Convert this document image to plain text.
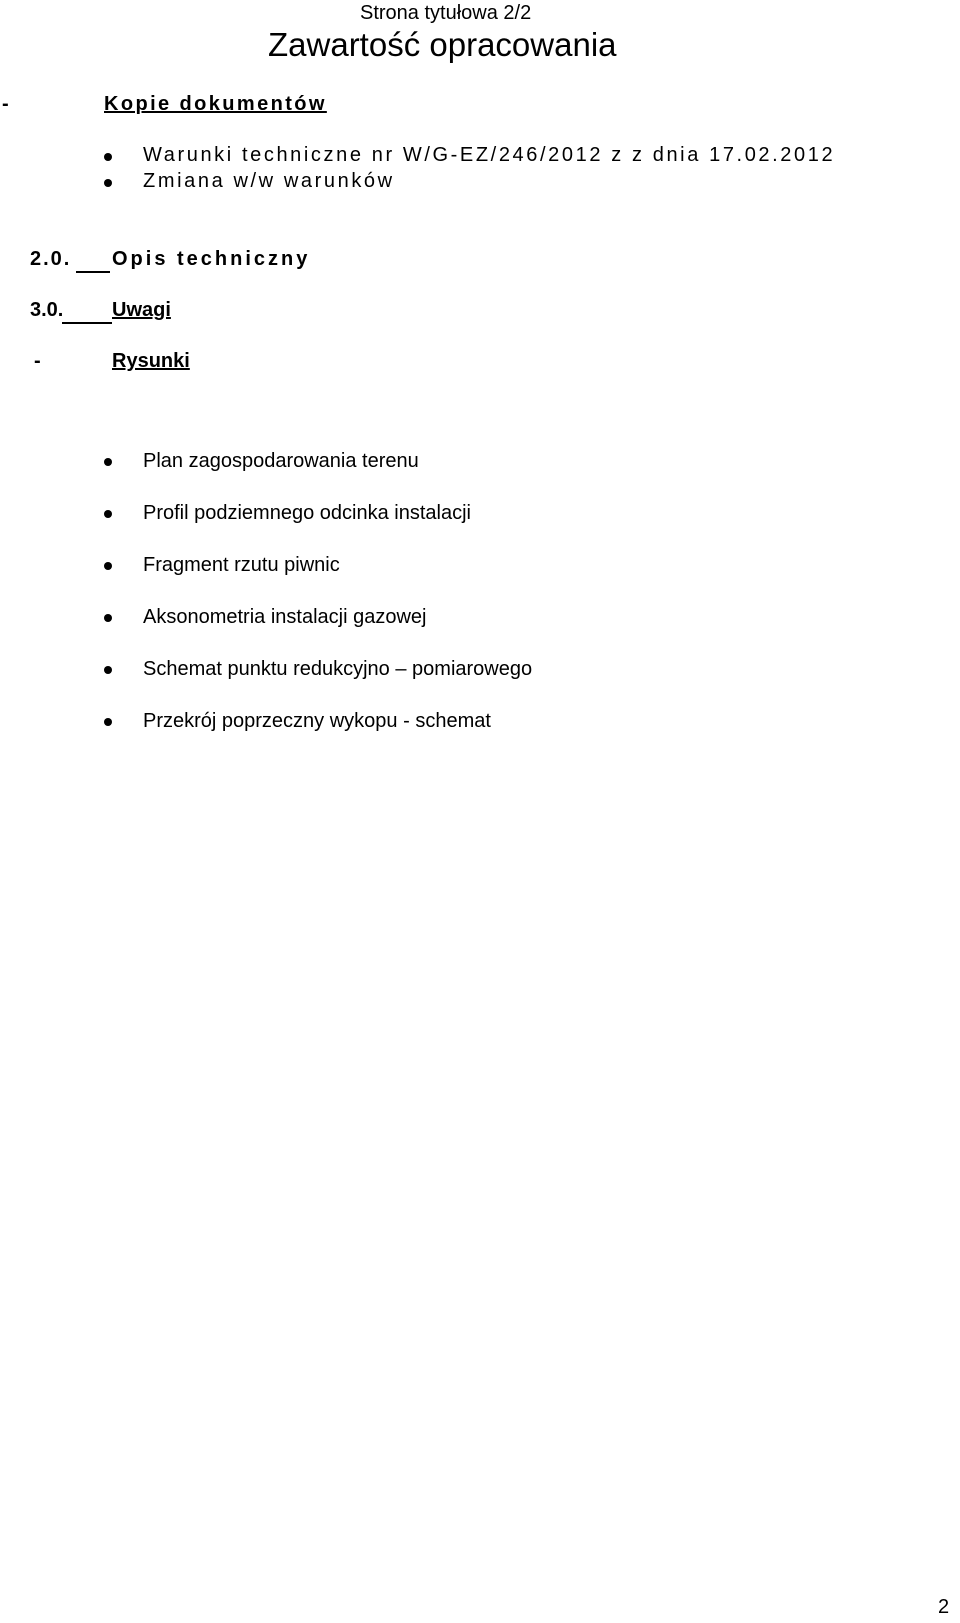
Strona tytułowa 2/2
Zawartość opracowania
-	Kopie dokumentów
Warunki techniczne nr W/G-EZ/246/2012 z z dnia 17.02.2012
Zmiana w/w warunków
2.0. Opis techniczny
3.0. Uwagi
-	Rysunki
Plan zagospodarowania terenu
Profil podziemnego odcinka instalacji
Fragment rzutu piwnic
Aksonometria instalacji gazowej
Schemat punktu redukcyjno – pomiarowego
Przekrój poprzeczny wykopu - schemat
2
